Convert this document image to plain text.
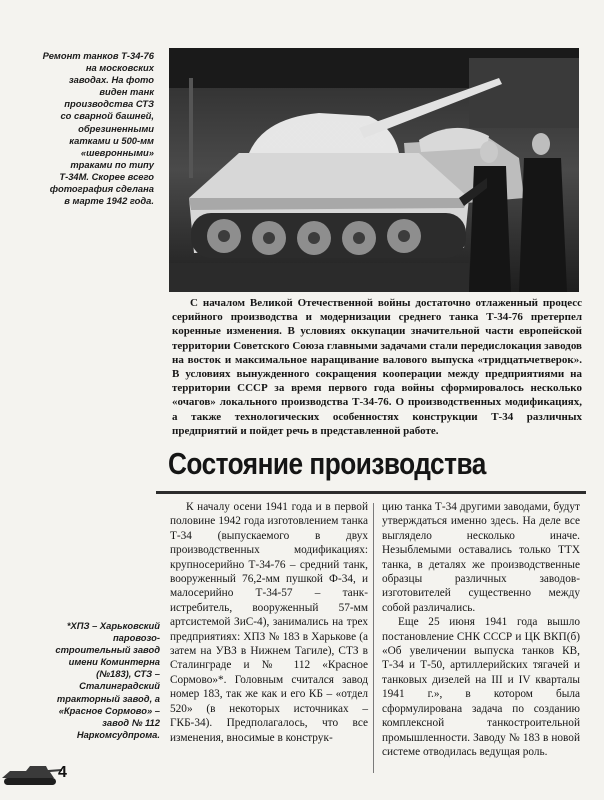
Ремонт танков Т-34-76
на московских
заводах. На фото
виден танк
производства СТЗ
со сварной башней,
обрезиненными
катками и 500-мм
«шевронными»
траками по типу
Т-34М. Скорее всего
фотография сделана
в марте 1942 года.

С началом Великой Отечественной войны достаточно отлаженный процесс серийного производства и модернизации среднего танка Т-34-76 претерпел коренные изменения. В условиях оккупации значительной части европейской территории Советского Союза главными задачами стали передислокация заводов на восток и максимальное наращивание валового выпуска «тридцатьчетверок». В условиях вынужденного сокращения кооперации между предприятиями на территории СССР за время первого года войны сформировалось несколько «очагов» локального производства Т-34-76. О производственных модификациях, а также технологических особенностях конструкции Т-34 различных предприятий и пойдет речь в представленной работе.

Состояние производства

К началу осени 1941 года и в первой половине 1942 года изготовлением танка Т-34 (выпускаемого в двух производственных модификациях: крупносерийно Т-34-76 – средний танк, вооруженный 76,2-мм пушкой Ф-34, и малосерийно Т-34-57 – танк-истребитель, вооруженный 57-мм артсистемой ЗиС-4), занимались на трех предприятиях: ХПЗ № 183 в Харькове (а затем на УВЗ в Нижнем Тагиле), СТЗ в Сталинграде и № 112 «Красное Сормово»*. Головным считался завод номер 183, так же как и его КБ – «отдел 520» (в некоторых источниках – ГКБ-34). Предполагалось, что все изменения, вносимые в конструк-

цию танка Т-34 другими заводами, будут утверждаться именно здесь. На деле все выглядело несколько иначе. Незыблемыми оставались только ТТХ танка, в деталях же производственные образцы различных заводов-изготовителей существенно между собой различались.

Еще 25 июня 1941 года вышло постановление СНК СССР и ЦК ВКП(б) «Об увеличении выпуска танков КВ, Т-34 и Т-50, артиллерийских тягачей и танковых дизелей на III и IV кварталы 1941 г.», в котором была сформулирована задача по созданию комплексной танкостроительной промышленности. Заводу № 183 в новой системе отводилась ведущая роль.

*ХПЗ – Харьковский
паровозо-
строительный завод
имени Коминтерна
(№183), СТЗ –
Сталинградский
тракторный завод, а
«Красное Сормово» –
завод № 112
Наркомсудпрома.
4
